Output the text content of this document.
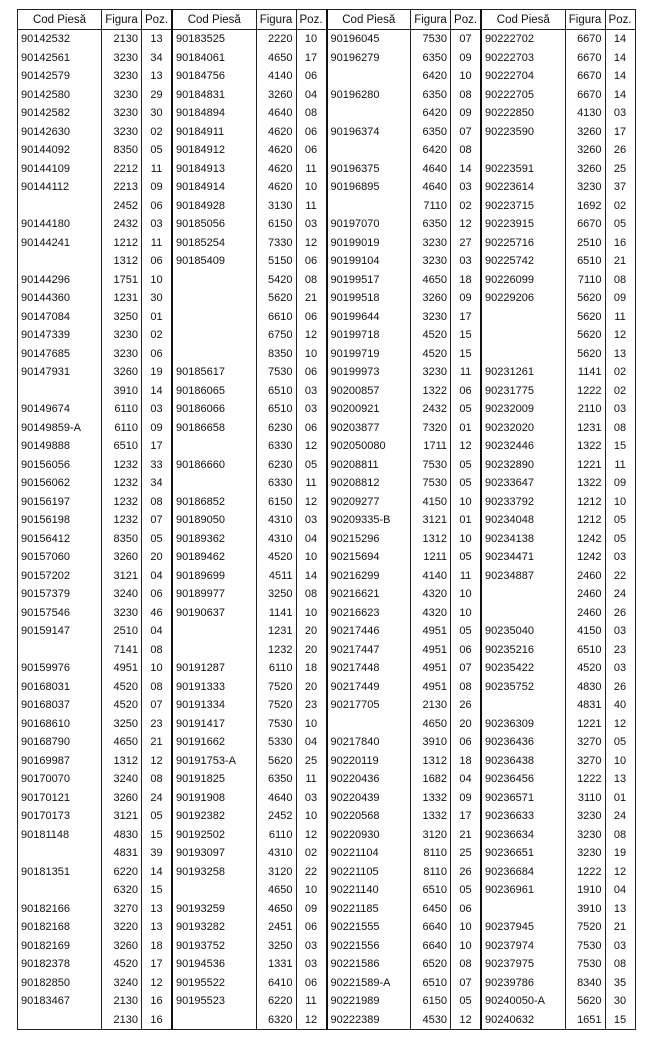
Cod Piesă	Figura	Poz.	Cod Piesă	Figura	Poz.	Cod Piesă	Figura	Poz.	Cod Piesă	Figura	Poz.
90142532	2130	13	90183525	2220	10	90196045	7530	07	90222702	6670	14
90142561	3230	34	90184061	4650	17	90196279	6350	09	90222703	6670	14
90142579	3230	13	90184756	4140	06		6420	10	90222704	6670	14
90142580	3230	29	90184831	3260	04	90196280	6350	08	90222705	6670	14
90142582	3230	30	90184894	4640	08		6420	09	90222850	4130	03
90142630	3230	02	90184911	4620	06	90196374	6350	07	90223590	3260	17
90144092	8350	05	90184912	4620	06		6420	08		3260	26
90144109	2212	11	90184913	4620	11	90196375	4640	14	90223591	3260	25
90144112	2213	09	90184914	4620	10	90196895	4640	03	90223614	3230	37
	2452	06	90184928	3130	11		7110	02	90223715	1692	02
90144180	2432	03	90185056	6150	03	90197070	6350	12	90223915	6670	05
90144241	1212	11	90185254	7330	12	90199019	3230	27	90225716	2510	16
	1312	06	90185409	5150	06	90199104	3230	03	90225742	6510	21
90144296	1751	10		5420	08	90199517	4650	18	90226099	7110	08
90144360	1231	30		5620	21	90199518	3260	09	90229206	5620	09
90147084	3250	01		6610	06	90199644	3230	17		5620	11
90147339	3230	02		6750	12	90199718	4520	15		5620	12
90147685	3230	06		8350	10	90199719	4520	15		5620	13
90147931	3260	19	90185617	7530	06	90199973	3230	11	90231261	1141	02
	3910	14	90186065	6510	03	90200857	1322	06	90231775	1222	02
90149674	6110	03	90186066	6510	03	90200921	2432	05	90232009	2110	03
90149859-A	6110	09	90186658	6230	06	90203877	7320	01	90232020	1231	08
90149888	6510	17		6330	12	902050080	1711	12	90232446	1322	15
90156056	1232	33	90186660	6230	05	90208811	7530	05	90232890	1221	11
90156062	1232	34		6330	11	90208812	7530	05	90233647	1322	09
90156197	1232	08	90186852	6150	12	90209277	4150	10	90233792	1212	10
90156198	1232	07	90189050	4310	03	90209335-B	3121	01	90234048	1212	05
90156412	8350	05	90189362	4310	04	90215296	1312	10	90234138	1242	05
90157060	3260	20	90189462	4520	10	90215694	1211	05	90234471	1242	03
90157202	3121	04	90189699	4511	14	90216299	4140	11	90234887	2460	22
90157379	3240	06	90189977	3250	08	90216621	4320	10		2460	24
90157546	3230	46	90190637	1141	10	90216623	4320	10		2460	26
90159147	2510	04		1231	20	90217446	4951	05	90235040	4150	03
	7141	08		1232	20	90217447	4951	06	90235216	6510	23
90159976	4951	10	90191287	6110	18	90217448	4951	07	90235422	4520	03
90168031	4520	08	90191333	7520	20	90217449	4951	08	90235752	4830	26
90168037	4520	07	90191334	7520	23	90217705	2130	26		4831	40
90168610	3250	23	90191417	7530	10		4650	20	90236309	1221	12
90168790	4650	21	90191662	5330	04	90217840	3910	06	90236436	3270	05
90169987	1312	12	90191753-A	5620	25	90220119	1312	18	90236438	3270	10
90170070	3240	08	90191825	6350	11	90220436	1682	04	90236456	1222	13
90170121	3260	24	90191908	4640	03	90220439	1332	09	90236571	3110	01
90170173	3121	05	90192382	2452	10	90220568	1332	17	90236633	3230	24
90181148	4830	15	90192502	6110	12	90220930	3120	21	90236634	3230	08
	4831	39	90193097	4310	02	90221104	8110	25	90236651	3230	19
90181351	6220	14	90193258	3120	22	90221105	8110	26	90236684	1222	12
	6320	15		4650	10	90221140	6510	05	90236961	1910	04
90182166	3270	13	90193259	4650	09	90221185	6450	06		3910	13
90182168	3220	13	90193282	2451	06	90221555	6640	10	90237945	7520	21
90182169	3260	18	90193752	3250	03	90221556	6640	10	90237974	7530	03
90182378	4520	17	90194536	1331	03	90221586	6520	08	90237975	7530	08
90182850	3240	12	90195522	6410	06	90221589-A	6510	07	90239786	8340	35
90183467	2130	16	90195523	6220	11	90221989	6150	05	90240050-A	5620	30
	2130	16		6320	12	90222389	4530	12	90240632	1651	15
